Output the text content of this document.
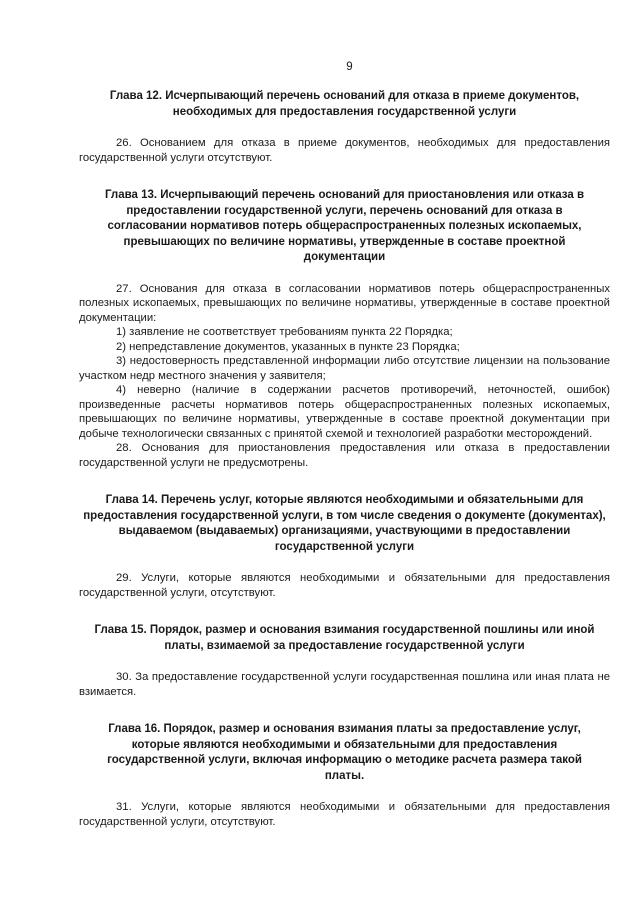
9
Глава 12. Исчерпывающий перечень оснований для отказа в приеме документов, необходимых для предоставления государственной услуги

26. Основанием для отказа в приеме документов, необходимых для предоставления государственной услуги отсутствуют.

Глава 13. Исчерпывающий перечень оснований для приостановления или отказа в предоставлении государственной услуги, перечень оснований для отказа в согласовании нормативов потерь общераспространенных полезных ископаемых, превышающих по величине нормативы, утвержденные в составе проектной документации

27. Основания для отказа в согласовании нормативов потерь общераспространенных полезных ископаемых, превышающих по величине нормативы, утвержденные в составе проектной документации:

1) заявление не соответствует требованиям пункта 22 Порядка;

2) непредставление документов, указанных в пункте 23 Порядка;

3) недостоверность представленной информации либо отсутствие лицензии на пользование участком недр местного значения у заявителя;

4) неверно (наличие в содержании расчетов противоречий, неточностей, ошибок) произведенные расчеты нормативов потерь общераспространенных полезных ископаемых, превышающих по величине нормативы, утвержденные в составе проектной документации при добыче технологически связанных с принятой схемой и технологией разработки месторождений.

28. Основания для приостановления предоставления или отказа в предоставлении государственной услуги не предусмотрены.

Глава 14. Перечень услуг, которые являются необходимыми и обязательными для предоставления государственной услуги, в том числе сведения о документе (документах), выдаваемом (выдаваемых) организациями, участвующими в предоставлении государственной услуги

29. Услуги, которые являются необходимыми и обязательными для предоставления государственной услуги, отсутствуют.

Глава 15. Порядок, размер и основания взимания государственной пошлины или иной платы, взимаемой за предоставление государственной услуги

30. За предоставление государственной услуги государственная пошлина или иная плата не взимается.

Глава 16. Порядок, размер и основания взимания платы за предоставление услуг, которые являются необходимыми и обязательными для предоставления государственной услуги, включая информацию о методике расчета размера такой платы.

31. Услуги, которые являются необходимыми и обязательными для предоставления государственной услуги, отсутствуют.
